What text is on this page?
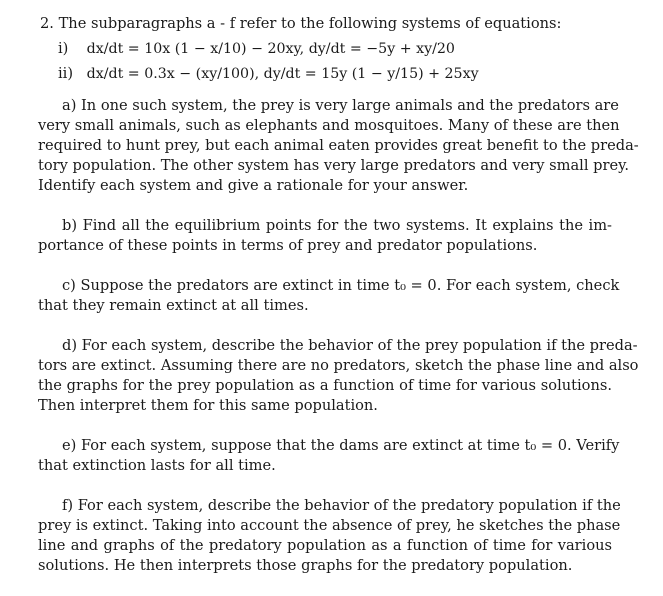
2. The subparagraphs a - f refer to the following systems of equations:
i) dx/dt = 10x (1 − x/10) − 20xy, dy/dt = −5y + xy/20
ii) dx/dt = 0.3x − (xy/100), dy/dt = 15y (1 − y/15) + 25xy
a) In one such system, the prey is very large animals and the predators are
very small animals, such as elephants and mosquitoes. Many of these are then
required to hunt prey, but each animal eaten provides great benefit to the preda-
tory population. The other system has very large predators and very small prey.
Identify each system and give a rationale for your answer.
b) Find all the equilibrium points for the two systems. It explains the im-
portance of these points in terms of prey and predator populations.
c) Suppose the predators are extinct in time t₀ = 0. For each system, check
that they remain extinct at all times.
d) For each system, describe the behavior of the prey population if the preda-
tors are extinct. Assuming there are no predators, sketch the phase line and also
the graphs for the prey population as a function of time for various solutions.
Then interpret them for this same population.
e) For each system, suppose that the dams are extinct at time t₀ = 0. Verify
that extinction lasts for all time.
f) For each system, describe the behavior of the predatory population if the
prey is extinct. Taking into account the absence of prey, he sketches the phase
line and graphs of the predatory population as a function of time for various
solutions. He then interprets those graphs for the predatory population.
